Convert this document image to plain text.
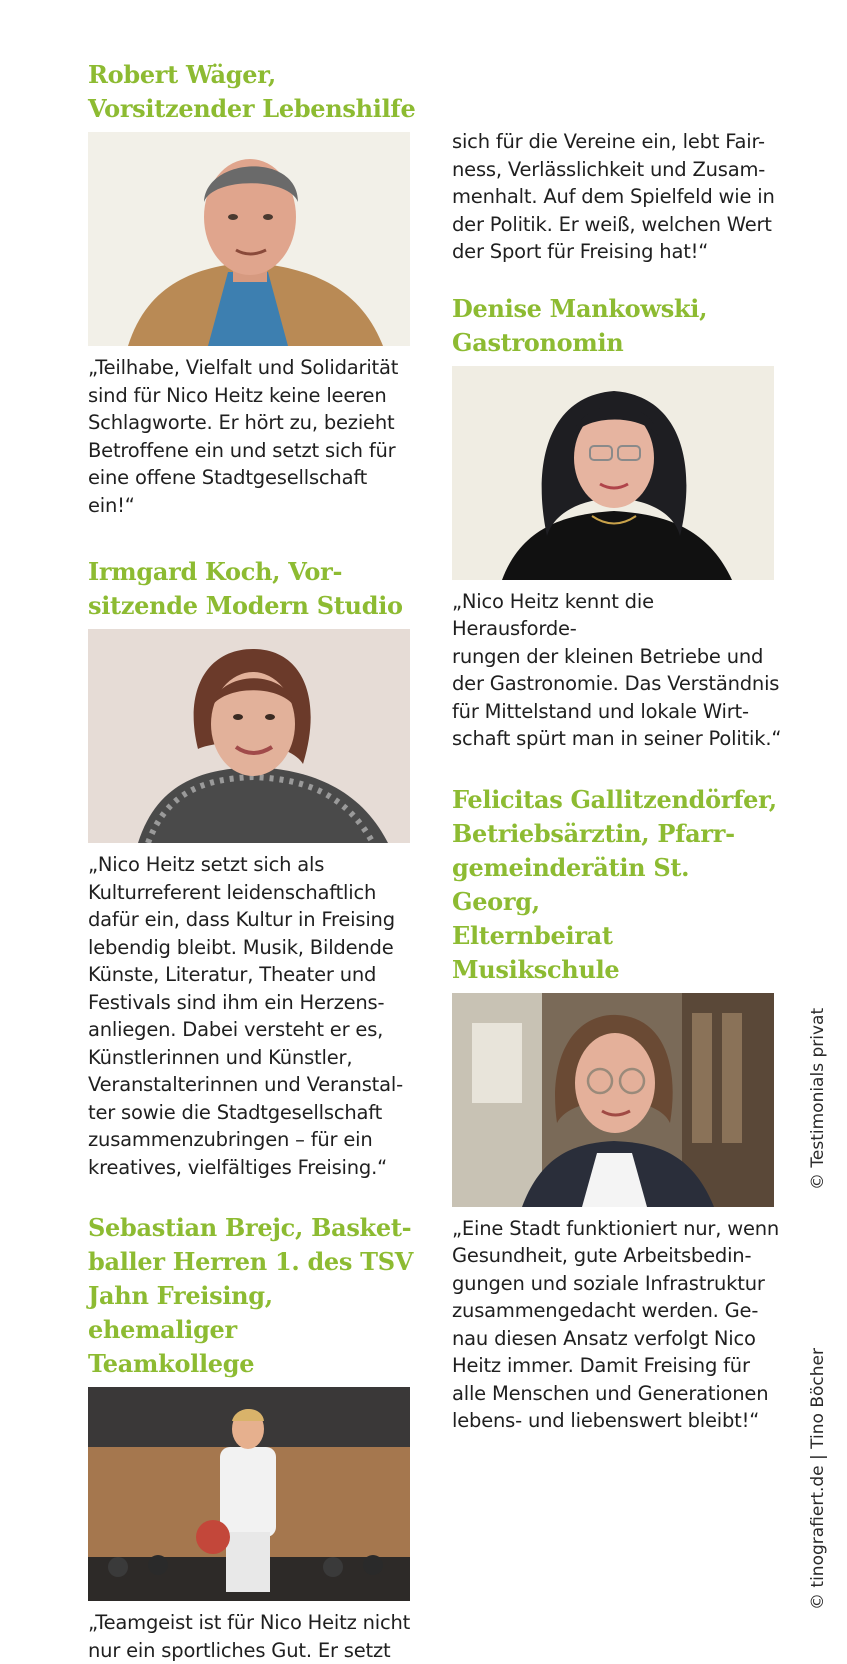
Robert Wäger,
Vorsitzender Lebenshilfe

„Teilhabe, Vielfalt und Solidarität
sind für Nico Heitz keine leeren
Schlagworte. Er hört zu, bezieht
Betroffene ein und setzt sich für
eine offene Stadtgesellschaft ein!“

Irmgard Koch, Vor-
sitzende Modern Studio

„Nico Heitz setzt sich als
Kulturreferent leidenschaftlich
dafür ein, dass Kultur in Freising
lebendig bleibt. Musik, Bildende
Künste, Literatur, Theater und
Festivals sind ihm ein Herzens-
anliegen. Dabei versteht er es,
Künstlerinnen und Künstler,
Veranstalterinnen und Veranstal-
ter sowie die Stadtgesellschaft
zusammenzubringen – für ein
kreatives, vielfältiges Freising.“

Sebastian Brejc, Basket-
baller Herren 1. des TSV
Jahn Freising, ehemaliger
Teamkollege

„Teamgeist ist für Nico Heitz nicht
nur ein sportliches Gut. Er setzt

sich für die Vereine ein, lebt Fair-
ness, Verlässlichkeit und Zusam-
menhalt. Auf dem Spielfeld wie in
der Politik. Er weiß, welchen Wert
der Sport für Freising hat!“

Denise Mankowski,
Gastronomin

„Nico Heitz kennt die Herausforde-
rungen der kleinen Betriebe und
der Gastronomie. Das Verständnis
für Mittelstand und lokale Wirt-
schaft spürt man in seiner Politik.“

Felicitas Gallitzendörfer,
Betriebsärztin, Pfarr-
gemeinderätin St. Georg,
Elternbeirat Musikschule

„Eine Stadt funktioniert nur, wenn
Gesundheit, gute Arbeitsbedin-
gungen und soziale Infrastruktur
zusammengedacht werden. Ge-
nau diesen Ansatz verfolgt Nico
Heitz immer. Damit Freising für
alle Menschen und Generationen
lebens- und liebenswert bleibt!“

© Testimonials privat
© tinografiert.de | Tino Böcher
